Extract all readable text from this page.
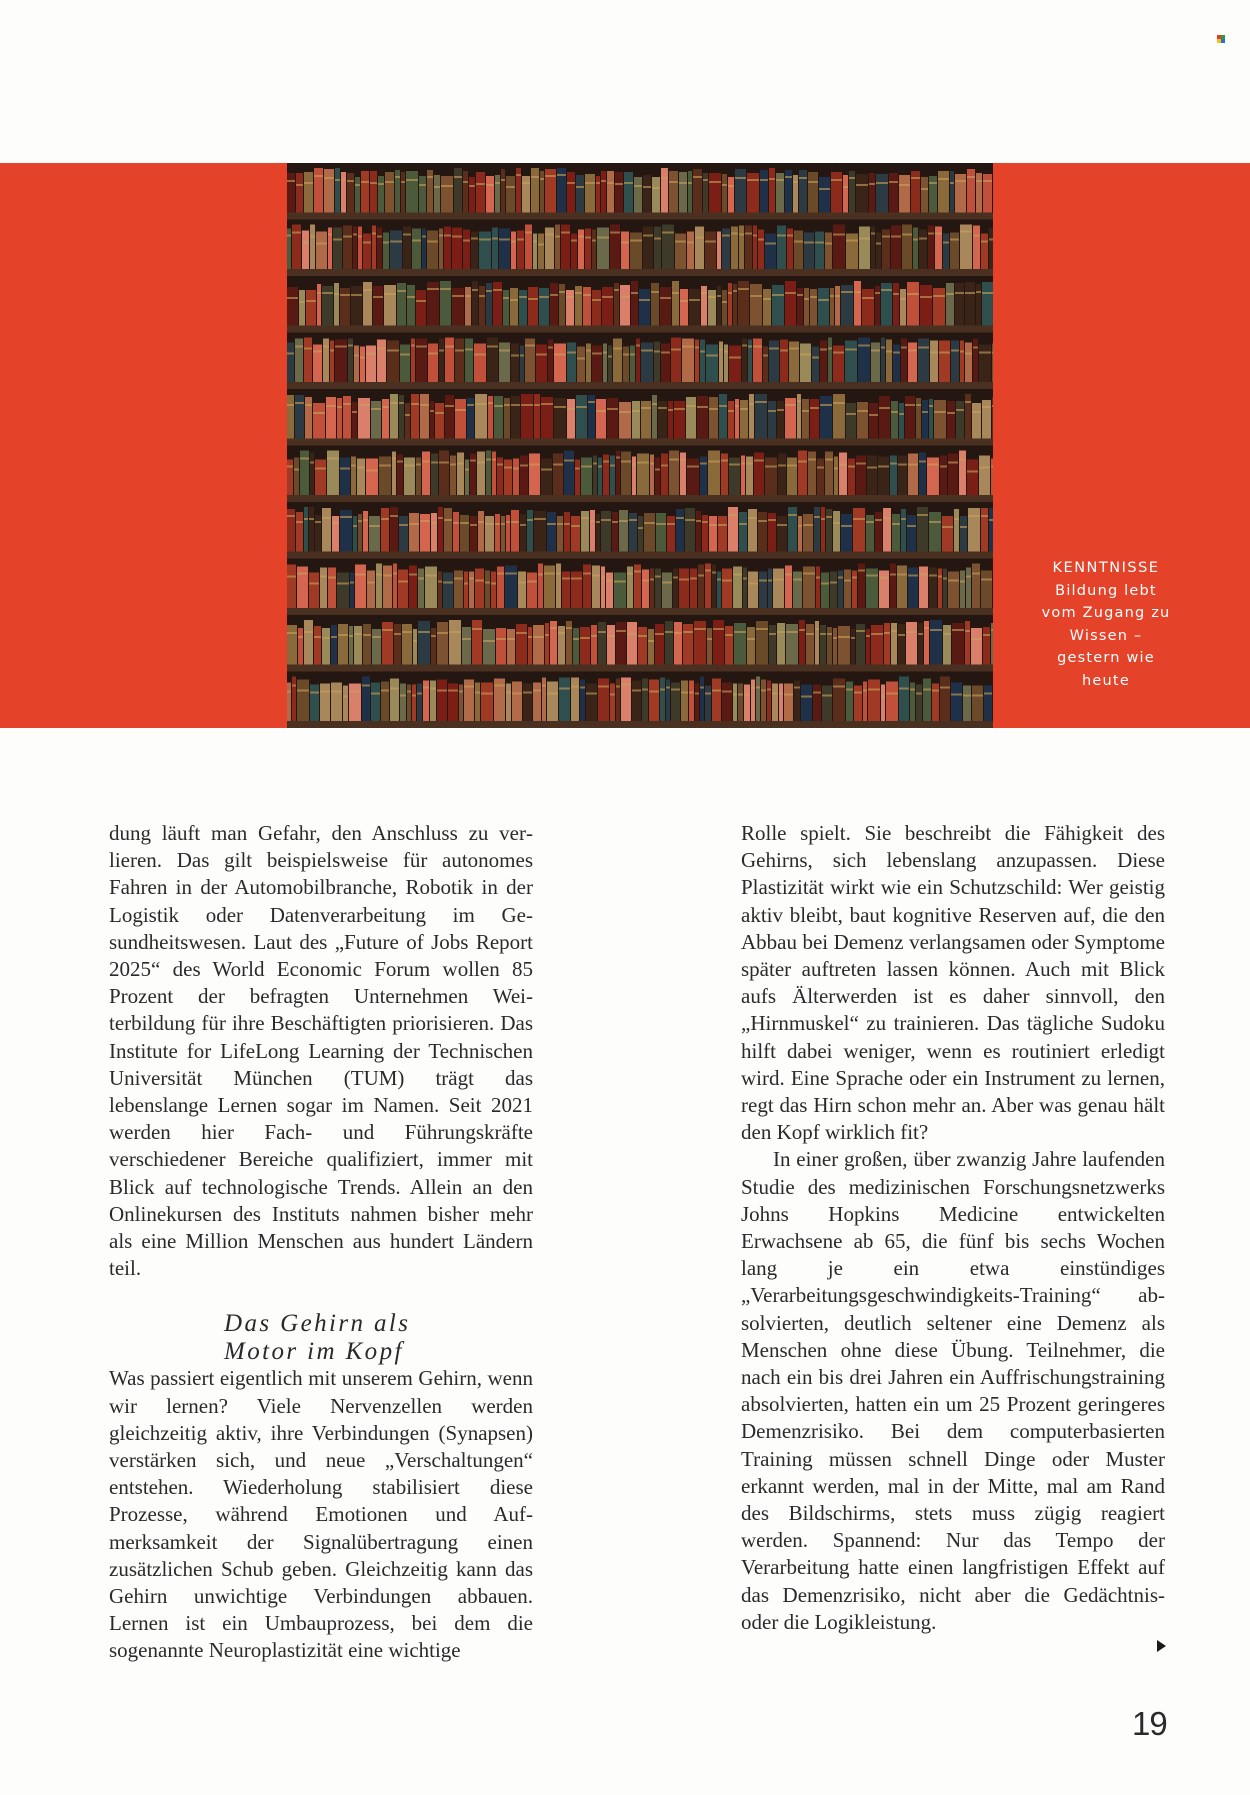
KENNTNISSE
Bildung lebt vom Zugang zu Wissen – gestern wie heute

dung läuft man Gefahr, den Anschluss zu verlieren. Das gilt beispielsweise für autonomes Fahren in der Automobilbranche, Robotik in der Logistik oder Datenverarbeitung im Gesundheitswesen. Laut des „Future of Jobs Report 2025“ des World Economic Forum wollen 85 Prozent der befragten Unternehmen Weiterbildung für ihre Beschäftigten priorisieren. Das Institute for LifeLong Learning der Technischen Universität München (TUM) trägt das lebenslange Lernen sogar im Namen. Seit 2021 werden hier Fach- und Führungskräfte verschiedener Bereiche qualifiziert, immer mit Blick auf technologische Trends. Allein an den Onlinekursen des Instituts nahmen bisher mehr als eine Million Menschen aus hundert Ländern teil.

Das Gehirn als
Motor im Kopf

Was passiert eigentlich mit unserem Gehirn, wenn wir lernen? Viele Nervenzellen werden gleichzeitig aktiv, ihre Verbindungen (Synapsen) verstärken sich, und neue „Verschaltungen“ entstehen. Wiederholung stabilisiert diese Prozesse, während Emotionen und Aufmerksamkeit der Signalübertragung einen zusätzlichen Schub geben. Gleichzeitig kann das Gehirn unwichtige Verbindungen abbauen. Lernen ist ein Umbauprozess, bei dem die sogenannte Neuroplastizität eine wichtige

Rolle spielt. Sie beschreibt die Fähigkeit des Gehirns, sich lebenslang anzupassen. Diese Plastizität wirkt wie ein Schutzschild: Wer geistig aktiv bleibt, baut kognitive Reserven auf, die den Abbau bei Demenz verlangsamen oder Symptome später auftreten lassen können. Auch mit Blick aufs Älterwerden ist es daher sinnvoll, den „Hirnmuskel“ zu trainieren. Das tägliche Sudoku hilft dabei weniger, wenn es routiniert erledigt wird. Eine Sprache oder ein Instrument zu lernen, regt das Hirn schon mehr an. Aber was genau hält den Kopf wirklich fit?

In einer großen, über zwanzig Jahre laufenden Studie des medizinischen Forschungsnetzwerks Johns Hopkins Medicine entwickelten Erwachsene ab 65, die fünf bis sechs Wochen lang je ein etwa einstündiges „Verarbeitungsgeschwindigkeits-Training“ absolvierten, deutlich seltener eine Demenz als Menschen ohne diese Übung. Teilnehmer, die nach ein bis drei Jahren ein Auffrischungstraining absolvierten, hatten ein um 25 Prozent geringeres Demenzrisiko. Bei dem computerbasierten Training müssen schnell Dinge oder Muster erkannt werden, mal in der Mitte, mal am Rand des Bildschirms, stets muss zügig reagiert werden. Spannend: Nur das Tempo der Verarbeitung hatte einen langfristigen Effekt auf das Demenzrisiko, nicht aber die Gedächtnis- oder die Logikleistung.

19
